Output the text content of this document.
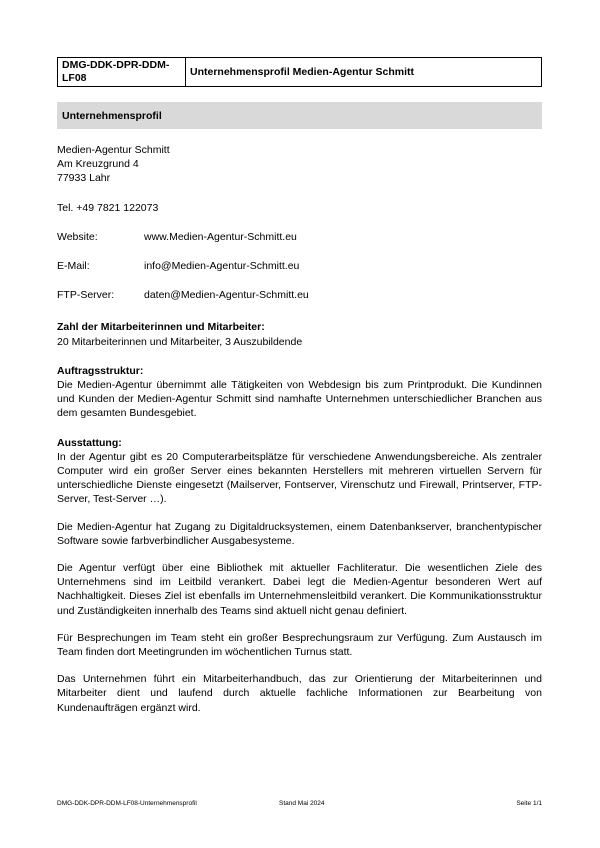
DMG-DDK-DPR-DDM-LF08	Unternehmensprofil Medien-Agentur Schmitt
Unternehmensprofil

Medien-Agentur Schmitt

Am Kreuzgrund 4

77933 Lahr

Tel. +49 7821 122073

Website:	www.Medien-Agentur-Schmitt.eu
E-Mail:	info@Medien-Agentur-Schmitt.eu
FTP-Server:	daten@Medien-Agentur-Schmitt.eu

Zahl der Mitarbeiterinnen und Mitarbeiter:

20 Mitarbeiterinnen und Mitarbeiter, 3 Auszubildende

Auftragsstruktur:

Die Medien-Agentur übernimmt alle Tätigkeiten von Webdesign bis zum Printprodukt. Die Kundinnen und Kunden der Medien-Agentur Schmitt sind namhafte Unternehmen unterschiedlicher Branchen aus dem gesamten Bundesgebiet.

Ausstattung:

In der Agentur gibt es 20 Computerarbeitsplätze für verschiedene Anwendungsbereiche. Als zentraler Computer wird ein großer Server eines bekannten Herstellers mit mehreren virtuellen Servern für unterschiedliche Dienste eingesetzt (Mailserver, Fontserver, Virenschutz und Firewall, Printserver, FTP-Server, Test-Server …).

Die Medien-Agentur hat Zugang zu Digitaldrucksystemen, einem Datenbankserver, branchentypischer Software sowie farbverbindlicher Ausgabesysteme.

Die Agentur verfügt über eine Bibliothek mit aktueller Fachliteratur. Die wesentlichen Ziele des Unternehmens sind im Leitbild verankert. Dabei legt die Medien-Agentur besonderen Wert auf Nachhaltigkeit. Dieses Ziel ist ebenfalls im Unternehmensleitbild verankert. Die Kommunikationsstruktur und Zuständigkeiten innerhalb des Teams sind aktuell nicht genau definiert.

Für Besprechungen im Team steht ein großer Besprechungsraum zur Verfügung. Zum Austausch im Team finden dort Meetingrunden im wöchentlichen Turnus statt.

Das Unternehmen führt ein Mitarbeiterhandbuch, das zur Orientierung der Mitarbeiterinnen und Mitarbeiter dient und laufend durch aktuelle fachliche Informationen zur Bearbeitung von Kundenaufträgen ergänzt wird.

DMG-DDK-DPR-DDM-LF08-Unternehmensprofil	Stand Mai 2024	Seite 1/1
